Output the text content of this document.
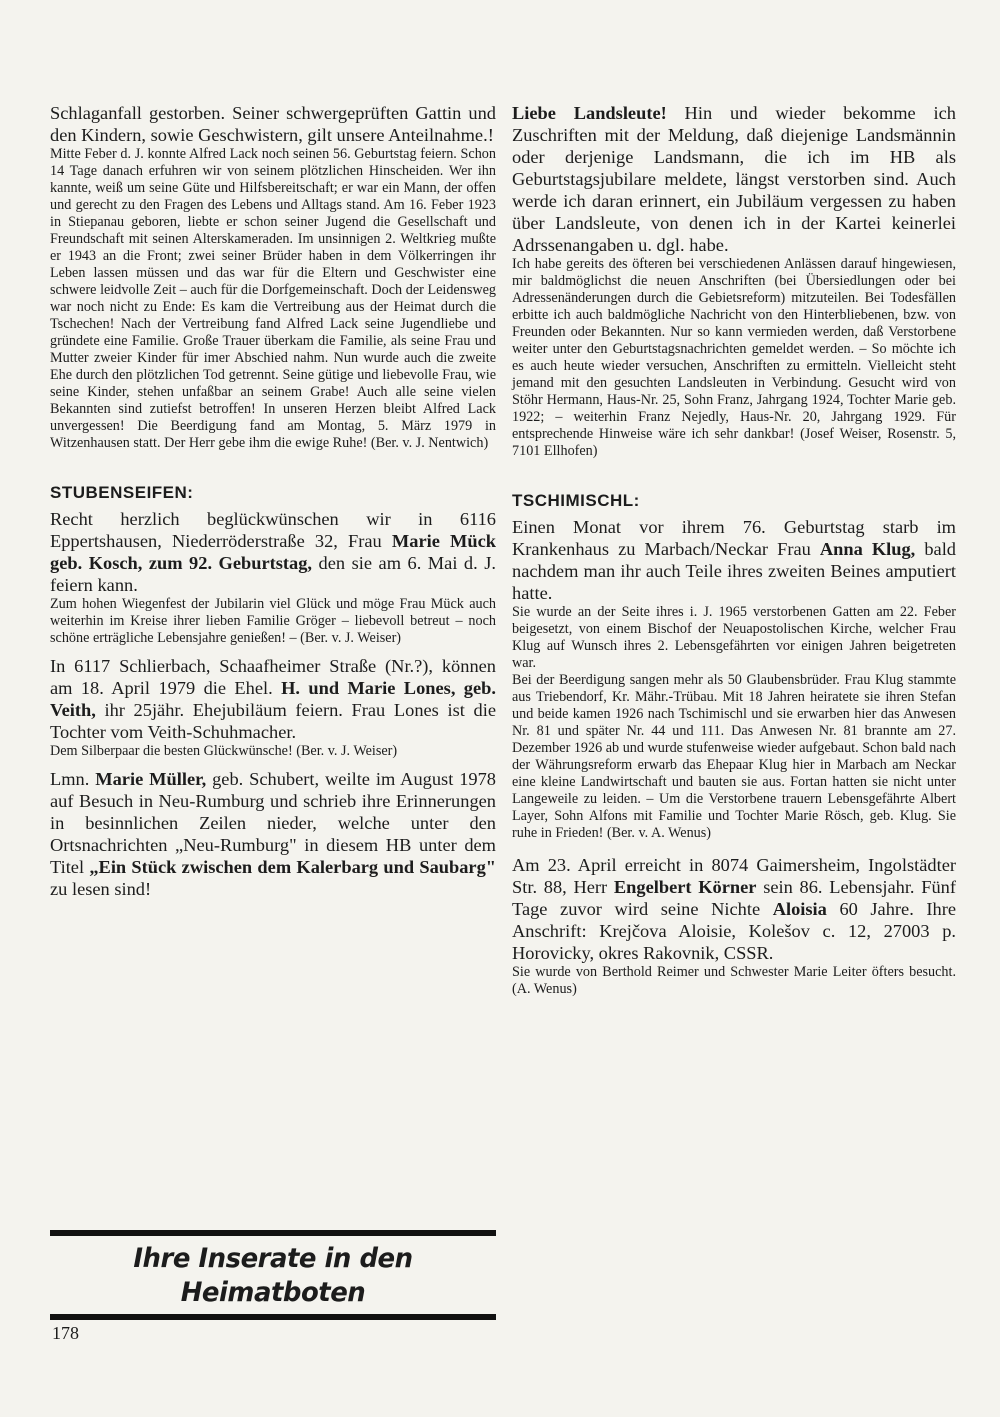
Schlaganfall gestorben. Seiner schwergeprüften Gattin und den Kindern, sowie Geschwistern, gilt unsere Anteilnahme.!

Mitte Feber d. J. konnte Alfred Lack noch seinen 56. Geburtstag feiern. Schon 14 Tage danach erfuhren wir von seinem plötzlichen Hinscheiden. Wer ihn kannte, weiß um seine Güte und Hilfsbereitschaft; er war ein Mann, der offen und gerecht zu den Fragen des Lebens und Alltags stand. Am 16. Feber 1923 in Stiepanau geboren, liebte er schon seiner Jugend die Gesellschaft und Freundschaft mit seinen Alterskameraden. Im unsinnigen 2. Weltkrieg mußte er 1943 an die Front; zwei seiner Brüder haben in dem Völkerringen ihr Leben lassen müssen und das war für die Eltern und Geschwister eine schwere leidvolle Zeit – auch für die Dorfgemeinschaft. Doch der Leidensweg war noch nicht zu Ende: Es kam die Vertreibung aus der Heimat durch die Tschechen! Nach der Vertreibung fand Alfred Lack seine Jugendliebe und gründete eine Familie. Große Trauer überkam die Familie, als seine Frau und Mutter zweier Kinder für imer Abschied nahm. Nun wurde auch die zweite Ehe durch den plötzlichen Tod getrennt. Seine gütige und liebevolle Frau, wie seine Kinder, stehen unfaßbar an seinem Grabe! Auch alle seine vielen Bekannten sind zutiefst betroffen! In unseren Herzen bleibt Alfred Lack unvergessen! Die Beerdigung fand am Montag, 5. März 1979 in Witzenhausen statt. Der Herr gebe ihm die ewige Ruhe! (Ber. v. J. Nentwich)

STUBENSEIFEN:

Recht herzlich beglückwünschen wir in 6116 Eppertshausen, Niederröderstraße 32, Frau Marie Mück geb. Kosch, zum 92. Geburtstag, den sie am 6. Mai d. J. feiern kann.

Zum hohen Wiegenfest der Jubilarin viel Glück und möge Frau Mück auch weiterhin im Kreise ihrer lieben Familie Gröger – liebevoll betreut – noch schöne erträgliche Lebensjahre genießen! – (Ber. v. J. Weiser)

In 6117 Schlierbach, Schaafheimer Straße (Nr.?), können am 18. April 1979 die Ehel. H. und Marie Lones, geb. Veith, ihr 25jähr. Ehejubiläum feiern. Frau Lones ist die Tochter vom Veith-Schuhmacher.

Dem Silberpaar die besten Glückwünsche! (Ber. v. J. Weiser)

Lmn. Marie Müller, geb. Schubert, weilte im August 1978 auf Besuch in Neu-Rumburg und schrieb ihre Erinnerungen in besinnlichen Zeilen nieder, welche unter den Ortsnachrichten „Neu-Rumburg" in diesem HB unter dem Titel „Ein Stück zwischen dem Kalerbarg und Saubarg" zu lesen sind!

Ihre Inserate in den Heimatboten

Liebe Landsleute! Hin und wieder bekomme ich Zuschriften mit der Meldung, daß diejenige Landsmännin oder derjenige Landsmann, die ich im HB als Geburtstagsjubilare meldete, längst verstorben sind. Auch werde ich daran erinnert, ein Jubiläum vergessen zu haben über Landsleute, von denen ich in der Kartei keinerlei Adrssenangaben u. dgl. habe.

Ich habe gereits des öfteren bei verschiedenen Anlässen darauf hingewiesen, mir baldmöglichst die neuen Anschriften (bei Übersiedlungen oder bei Adressenänderungen durch die Gebietsreform) mitzuteilen. Bei Todesfällen erbitte ich auch baldmögliche Nachricht von den Hinterbliebenen, bzw. von Freunden oder Bekannten. Nur so kann vermieden werden, daß Verstorbene weiter unter den Geburtstagsnachrichten gemeldet werden. – So möchte ich es auch heute wieder versuchen, Anschriften zu ermitteln. Vielleicht steht jemand mit den gesuchten Landsleuten in Verbindung. Gesucht wird von Stöhr Hermann, Haus-Nr. 25, Sohn Franz, Jahrgang 1924, Tochter Marie geb. 1922; – weiterhin Franz Nejedly, Haus-Nr. 20, Jahrgang 1929. Für entsprechende Hinweise wäre ich sehr dankbar! (Josef Weiser, Rosenstr. 5, 7101 Ellhofen)

TSCHIMISCHL:

Einen Monat vor ihrem 76. Geburtstag starb im Krankenhaus zu Marbach/Neckar Frau Anna Klug, bald nachdem man ihr auch Teile ihres zweiten Beines amputiert hatte.

Sie wurde an der Seite ihres i. J. 1965 verstorbenen Gatten am 22. Feber beigesetzt, von einem Bischof der Neuapostolischen Kirche, welcher Frau Klug auf Wunsch ihres 2. Lebensgefährten vor einigen Jahren beigetreten war.

Bei der Beerdigung sangen mehr als 50 Glaubensbrüder. Frau Klug stammte aus Triebendorf, Kr. Mähr.-Trübau. Mit 18 Jahren heiratete sie ihren Stefan und beide kamen 1926 nach Tschimischl und sie erwarben hier das Anwesen Nr. 81 und später Nr. 44 und 111. Das Anwesen Nr. 81 brannte am 27. Dezember 1926 ab und wurde stufenweise wieder aufgebaut. Schon bald nach der Währungsreform erwarb das Ehepaar Klug hier in Marbach am Neckar eine kleine Landwirtschaft und bauten sie aus. Fortan hatten sie nicht unter Langeweile zu leiden. – Um die Verstorbene trauern Lebensgefährte Albert Layer, Sohn Alfons mit Familie und Tochter Marie Rösch, geb. Klug. Sie ruhe in Frieden! (Ber. v. A. Wenus)

Am 23. April erreicht in 8074 Gaimersheim, Ingolstädter Str. 88, Herr Engelbert Körner sein 86. Lebensjahr. Fünf Tage zuvor wird seine Nichte Aloisia 60 Jahre. Ihre Anschrift: Krejčova Aloisie, Kolešov c. 12, 27003 p. Horovicky, okres Rakovnik, CSSR.

Sie wurde von Berthold Reimer und Schwester Marie Leiter öfters besucht. (A. Wenus)

178
